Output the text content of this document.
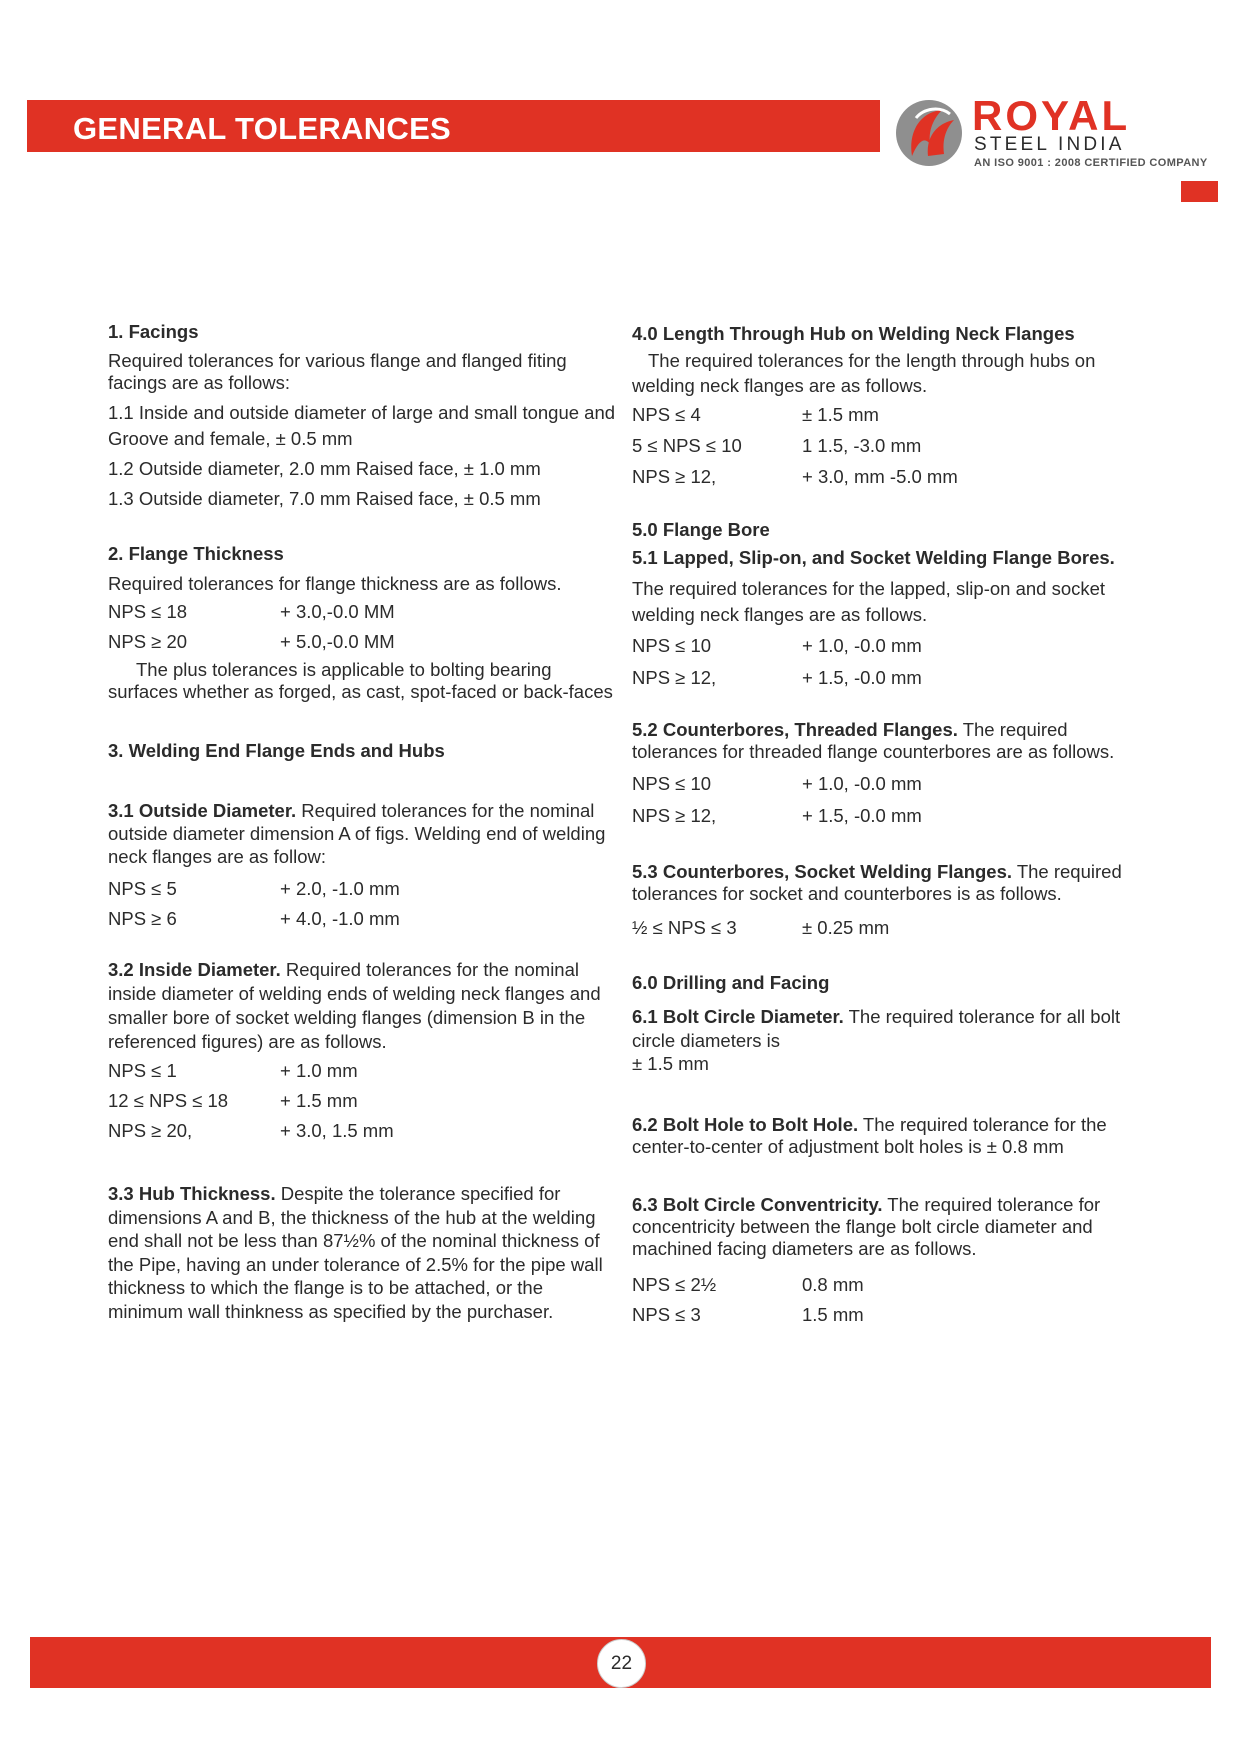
GENERAL TOLERANCES	ROYAL
STEEL INDIA
AN ISO 9001 : 2008 CERTIFIED COMPANY
1. Facings

Required tolerances for various flange and flanged fiting facings are as follows:

1.1 Inside and outside diameter of large and small tongue and Groove and female, ± 0.5 mm

1.2 Outside diameter, 2.0 mm Raised face, ± 1.0 mm

1.3 Outside diameter, 7.0 mm Raised face, ± 0.5 mm

2. Flange Thickness

Required tolerances for flange thickness are as follows.

NPS ≤ 18	+ 3.0,-0.0 MM
NPS ≥ 20	+ 5.0,-0.0 MM

The plus tolerances is applicable to bolting bearing surfaces whether as forged, as cast, spot-faced or back-faces

3. Welding End Flange Ends and Hubs

3.1 Outside Diameter. Required tolerances for the nominal outside diameter dimension A of figs. Welding end of welding neck flanges are as follow:

NPS ≤ 5	+ 2.0, -1.0 mm
NPS ≥ 6	+ 4.0, -1.0 mm

3.2 Inside Diameter. Required tolerances for the nominal inside diameter of welding ends of welding neck flanges and smaller bore of socket welding flanges (dimension B in the referenced figures) are as follows.

NPS ≤ 1	+ 1.0 mm
12 ≤ NPS ≤ 18	+ 1.5 mm
NPS ≥ 20,	+ 3.0, 1.5 mm

3.3 Hub Thickness. Despite the tolerance specified for dimensions A and B, the thickness of the hub at the welding end shall not be less than 87½% of the nominal thickness of the Pipe, having an under tolerance of 2.5% for the pipe wall thickness to which the flange is to be attached, or the minimum wall thinkness as specified by the purchaser.

4.0 Length Through Hub on Welding Neck Flanges

The required tolerances for the length through hubs on welding neck flanges are as follows.

NPS ≤ 4	± 1.5 mm
5 ≤ NPS ≤ 10	1 1.5, -3.0 mm
NPS ≥ 12,	+ 3.0, mm -5.0 mm
5.0 Flange Bore
5.1 Lapped, Slip-on, and Socket Welding Flange Bores.

The required tolerances for the lapped, slip-on and socket welding neck flanges are as follows.

NPS ≤ 10	+ 1.0, -0.0 mm
NPS ≥ 12,	+ 1.5, -0.0 mm

5.2 Counterbores, Threaded Flanges. The required tolerances for threaded flange counterbores are as follows.

NPS ≤ 10	+ 1.0, -0.0 mm
NPS ≥ 12,	+ 1.5, -0.0 mm

5.3 Counterbores, Socket Welding Flanges. The required tolerances for socket and counterbores is as follows.

½ ≤ NPS ≤ 3	± 0.25 mm
6.0 Drilling and Facing

6.1 Bolt Circle Diameter. The required tolerance for all bolt circle diameters is
± 1.5 mm

6.2 Bolt Hole to Bolt Hole. The required tolerance for the center-to-center of adjustment bolt holes is ± 0.8 mm

6.3 Bolt Circle Conventricity. The required tolerance for concentricity between the flange bolt circle diameter and machined facing diameters are as follows.

NPS ≤ 2½	0.8 mm
NPS ≤ 3	1.5 mm
22
